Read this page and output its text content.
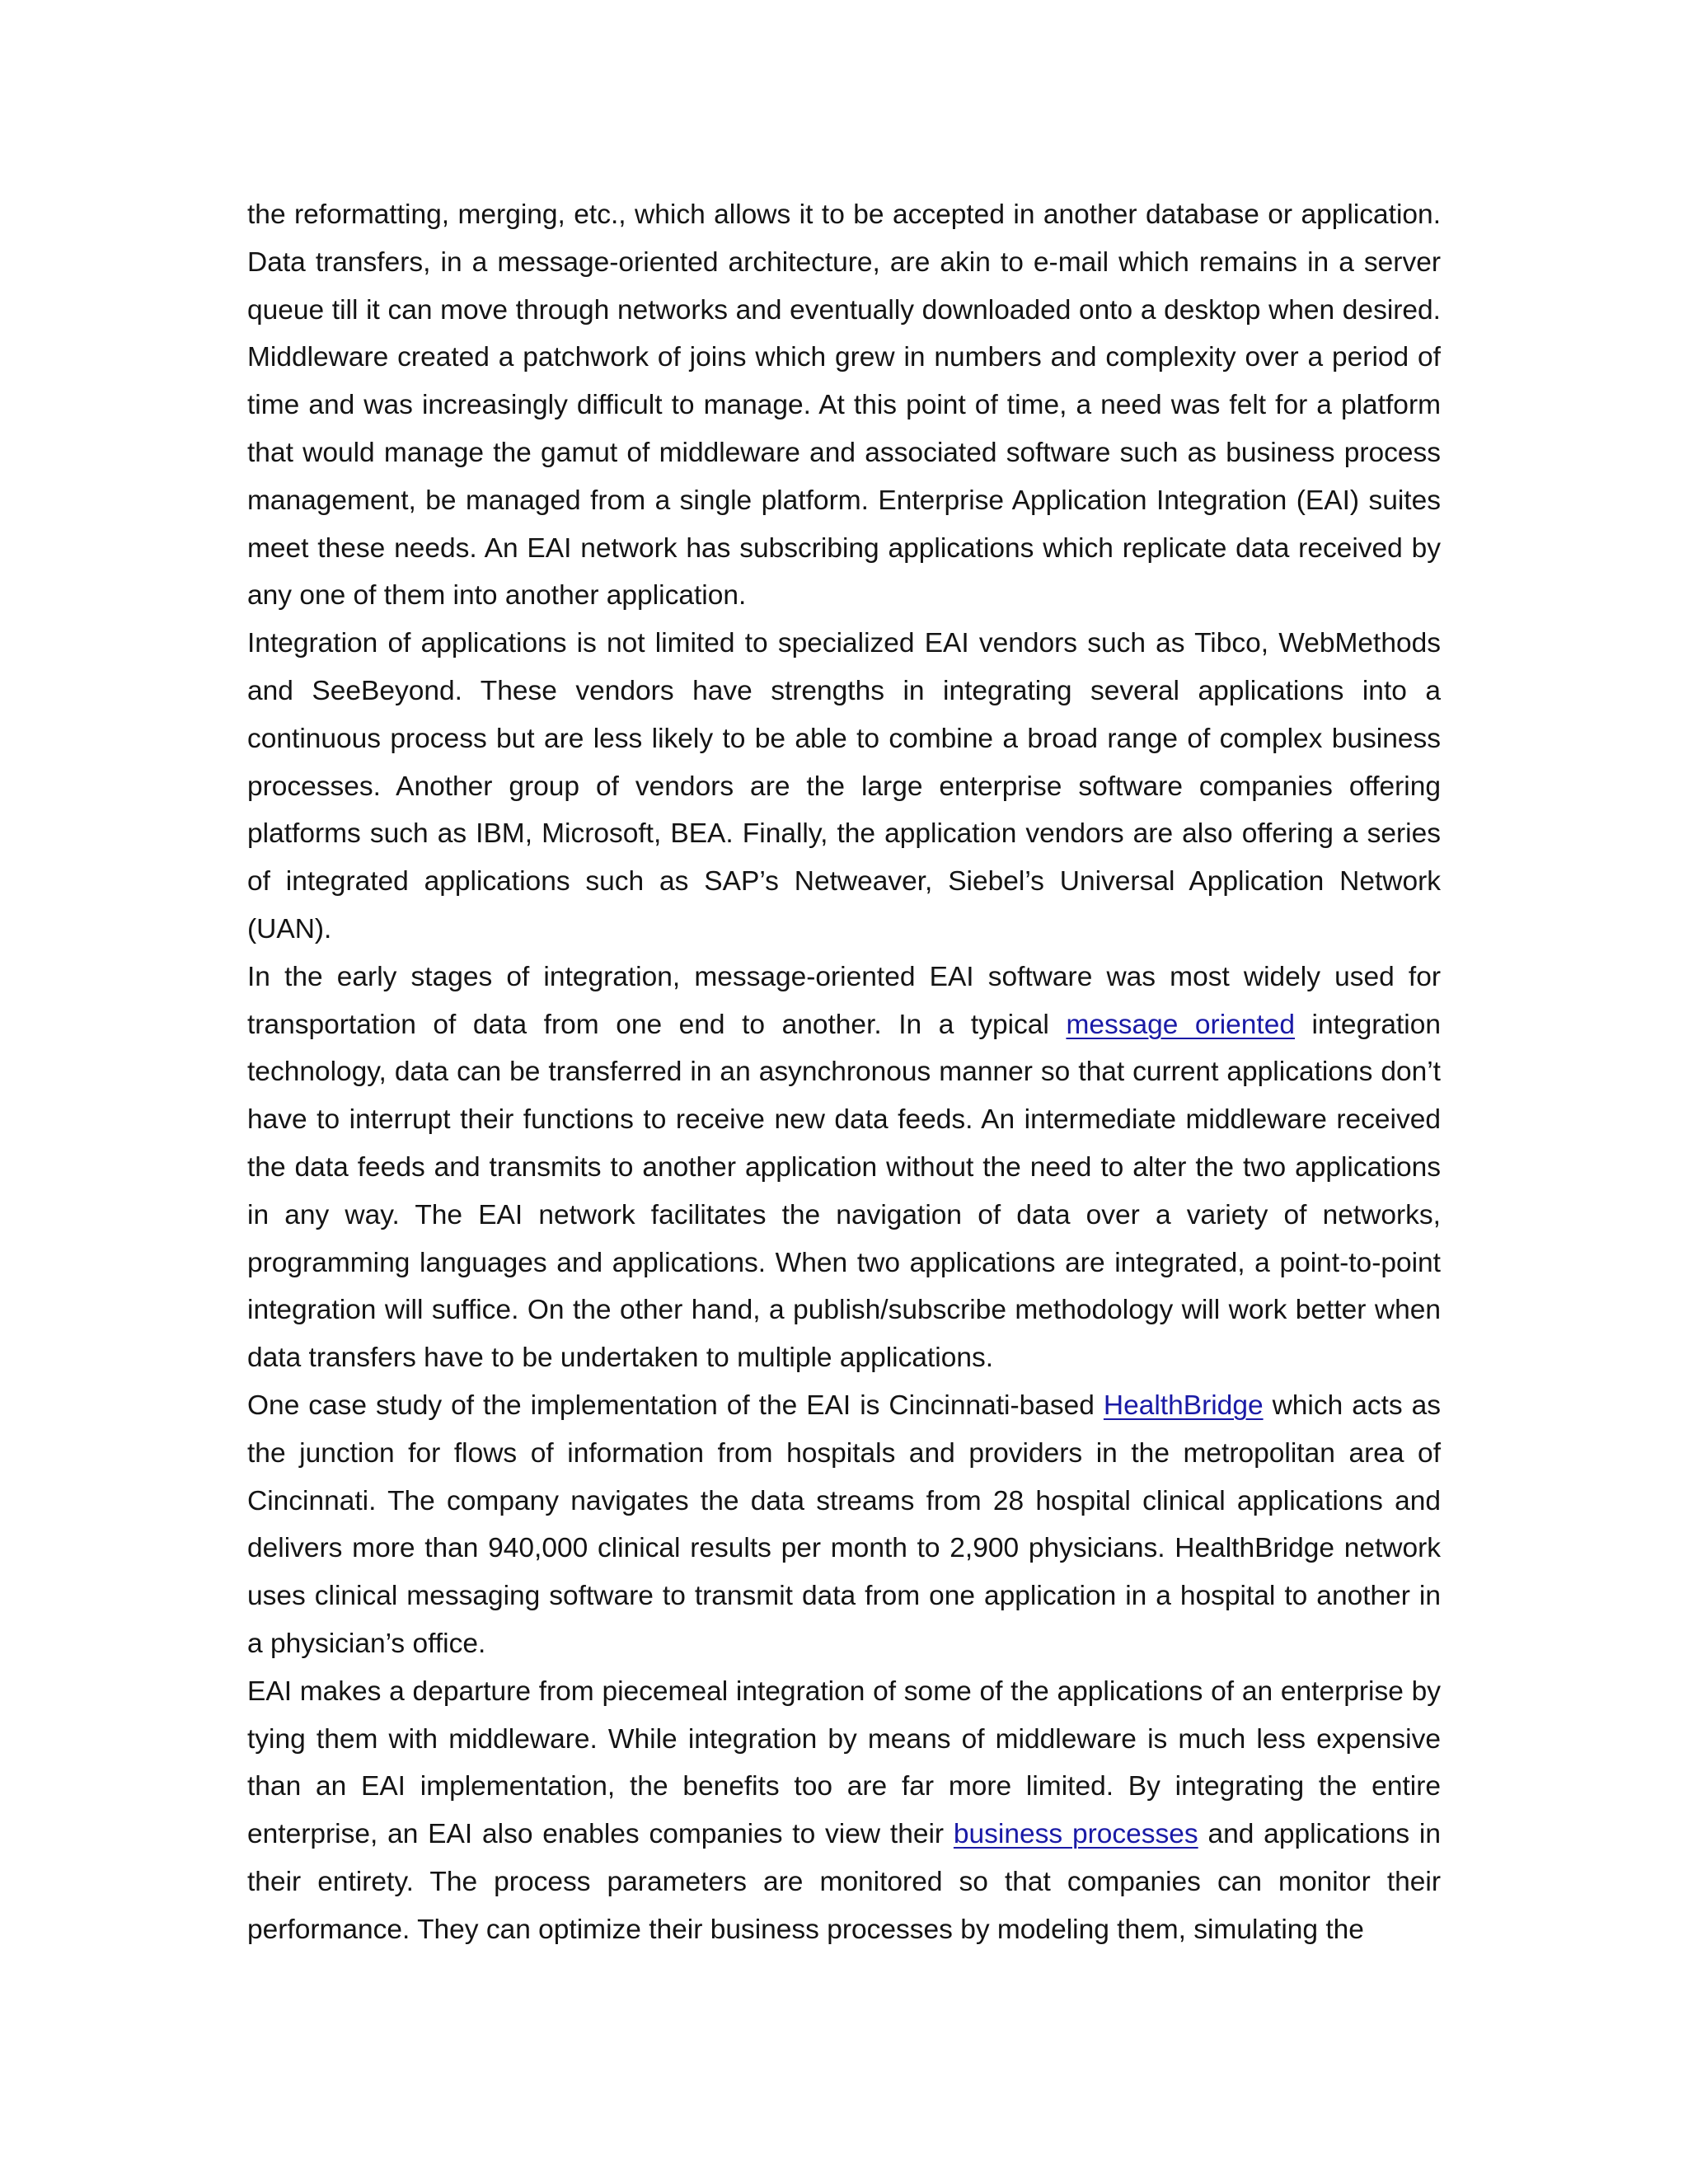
the reformatting, merging, etc., which allows it to be accepted in another database or application. Data transfers, in a message-oriented architecture, are akin to e-mail which remains in a server queue till it can move through networks and eventually downloaded onto a desktop when desired. Middleware created a patchwork of joins which grew in numbers and complexity over a period of time and was increasingly difficult to manage. At this point of time, a need was felt for a platform that would manage the gamut of middleware and associated software such as business process management, be managed from a single platform. Enterprise Application Integration (EAI) suites meet these needs. An EAI network has subscribing applications which replicate data received by any one of them into another application.

Integration of applications is not limited to specialized EAI vendors such as Tibco, WebMethods and SeeBeyond. These vendors have strengths in integrating several applications into a continuous process but are less likely to be able to combine a broad range of complex business processes. Another group of vendors are the large enterprise software companies offering platforms such as IBM, Microsoft, BEA. Finally, the application vendors are also offering a series of integrated applications such as SAP’s Netweaver, Siebel’s Universal Application Network (UAN).

In the early stages of integration, message-oriented EAI software was most widely used for transportation of data from one end to another. In a typical message oriented integration technology, data can be transferred in an asynchronous manner so that current applications don’t have to interrupt their functions to receive new data feeds. An intermediate middleware received the data feeds and transmits to another application without the need to alter the two applications in any way. The EAI network facilitates the navigation of data over a variety of networks, programming languages and applications. When two applications are integrated, a point-to-point integration will suffice. On the other hand, a publish/subscribe methodology will work better when data transfers have to be undertaken to multiple applications.

One case study of the implementation of the EAI is Cincinnati-based HealthBridge which acts as the junction for flows of information from hospitals and providers in the metropolitan area of Cincinnati. The company navigates the data streams from 28 hospital clinical applications and delivers more than 940,000 clinical results per month to 2,900 physicians. HealthBridge network uses clinical messaging software to transmit data from one application in a hospital to another in a physician’s office.

EAI makes a departure from piecemeal integration of some of the applications of an enterprise by tying them with middleware. While integration by means of middleware is much less expensive than an EAI implementation, the benefits too are far more limited. By integrating the entire enterprise, an EAI also enables companies to view their business processes and applications in their entirety. The process parameters are monitored so that companies can monitor their performance. They can optimize their business processes by modeling them, simulating the
